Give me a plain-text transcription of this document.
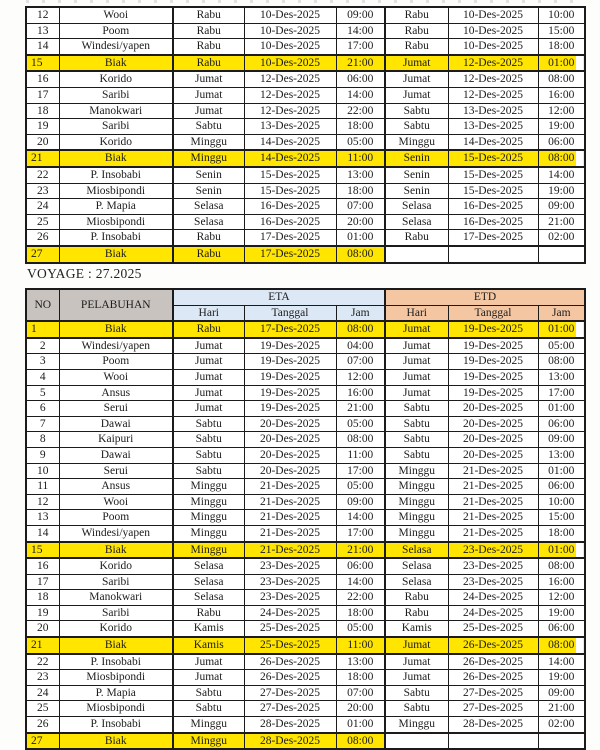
12	Wooi	Rabu	10-Des-2025	09:00	Rabu	10-Des-2025	10:00
13	Poom	Rabu	10-Des-2025	14:00	Rabu	10-Des-2025	15:00
14	Windesi/yapen	Rabu	10-Des-2025	17:00	Rabu	10-Des-2025	18:00
15	Biak	Rabu	10-Des-2025	21:00	Jumat	12-Des-2025	01:00
16	Korido	Jumat	12-Des-2025	06:00	Jumat	12-Des-2025	08:00
17	Saribi	Jumat	12-Des-2025	14:00	Jumat	12-Des-2025	16:00
18	Manokwari	Jumat	12-Des-2025	22:00	Sabtu	13-Des-2025	12:00
19	Saribi	Sabtu	13-Des-2025	18:00	Sabtu	13-Des-2025	19:00
20	Korido	Minggu	14-Des-2025	05:00	Minggu	14-Des-2025	06:00
21	Biak	Minggu	14-Des-2025	11:00	Senin	15-Des-2025	08:00
22	P. Insobabi	Senin	15-Des-2025	13:00	Senin	15-Des-2025	14:00
23	Miosbipondi	Senin	15-Des-2025	18:00	Senin	15-Des-2025	19:00
24	P. Mapia	Selasa	16-Des-2025	07:00	Selasa	16-Des-2025	09:00
25	Miosbipondi	Selasa	16-Des-2025	20:00	Selasa	16-Des-2025	21:00
26	P. Insobabi	Rabu	17-Des-2025	01:00	Rabu	17-Des-2025	02:00
27	Biak	Rabu	17-Des-2025	08:00			
VOYAGE : 27.2025
NO	PELABUHAN	ETA			ETD		
		Hari	Tanggal	Jam	Hari	Tanggal	Jam
1	Biak	Rabu	17-Des-2025	08:00	Jumat	19-Des-2025	01:00
2	Windesi/yapen	Jumat	19-Des-2025	04:00	Jumat	19-Des-2025	05:00
3	Poom	Jumat	19-Des-2025	07:00	Jumat	19-Des-2025	08:00
4	Wooi	Jumat	19-Des-2025	12:00	Jumat	19-Des-2025	13:00
5	Ansus	Jumat	19-Des-2025	16:00	Jumat	19-Des-2025	17:00
6	Serui	Jumat	19-Des-2025	21:00	Sabtu	20-Des-2025	01:00
7	Dawai	Sabtu	20-Des-2025	05:00	Sabtu	20-Des-2025	06:00
8	Kaipuri	Sabtu	20-Des-2025	08:00	Sabtu	20-Des-2025	09:00
9	Dawai	Sabtu	20-Des-2025	11:00	Sabtu	20-Des-2025	13:00
10	Serui	Sabtu	20-Des-2025	17:00	Minggu	21-Des-2025	01:00
11	Ansus	Minggu	21-Des-2025	05:00	Minggu	21-Des-2025	06:00
12	Wooi	Minggu	21-Des-2025	09:00	Minggu	21-Des-2025	10:00
13	Poom	Minggu	21-Des-2025	14:00	Minggu	21-Des-2025	15:00
14	Windesi/yapen	Minggu	21-Des-2025	17:00	Minggu	21-Des-2025	18:00
15	Biak	Minggu	21-Des-2025	21:00	Selasa	23-Des-2025	01:00
16	Korido	Selasa	23-Des-2025	06:00	Selasa	23-Des-2025	08:00
17	Saribi	Selasa	23-Des-2025	14:00	Selasa	23-Des-2025	16:00
18	Manokwari	Selasa	23-Des-2025	22:00	Rabu	24-Des-2025	12:00
19	Saribi	Rabu	24-Des-2025	18:00	Rabu	24-Des-2025	19:00
20	Korido	Kamis	25-Des-2025	05:00	Kamis	25-Des-2025	06:00
21	Biak	Kamis	25-Des-2025	11:00	Jumat	26-Des-2025	08:00
22	P. Insobabi	Jumat	26-Des-2025	13:00	Jumat	26-Des-2025	14:00
23	Miosbipondi	Jumat	26-Des-2025	18:00	Jumat	26-Des-2025	19:00
24	P. Mapia	Sabtu	27-Des-2025	07:00	Sabtu	27-Des-2025	09:00
25	Miosbipondi	Sabtu	27-Des-2025	20:00	Sabtu	27-Des-2025	21:00
26	P. Insobabi	Minggu	28-Des-2025	01:00	Minggu	28-Des-2025	02:00
27	Biak	Minggu	28-Des-2025	08:00			
